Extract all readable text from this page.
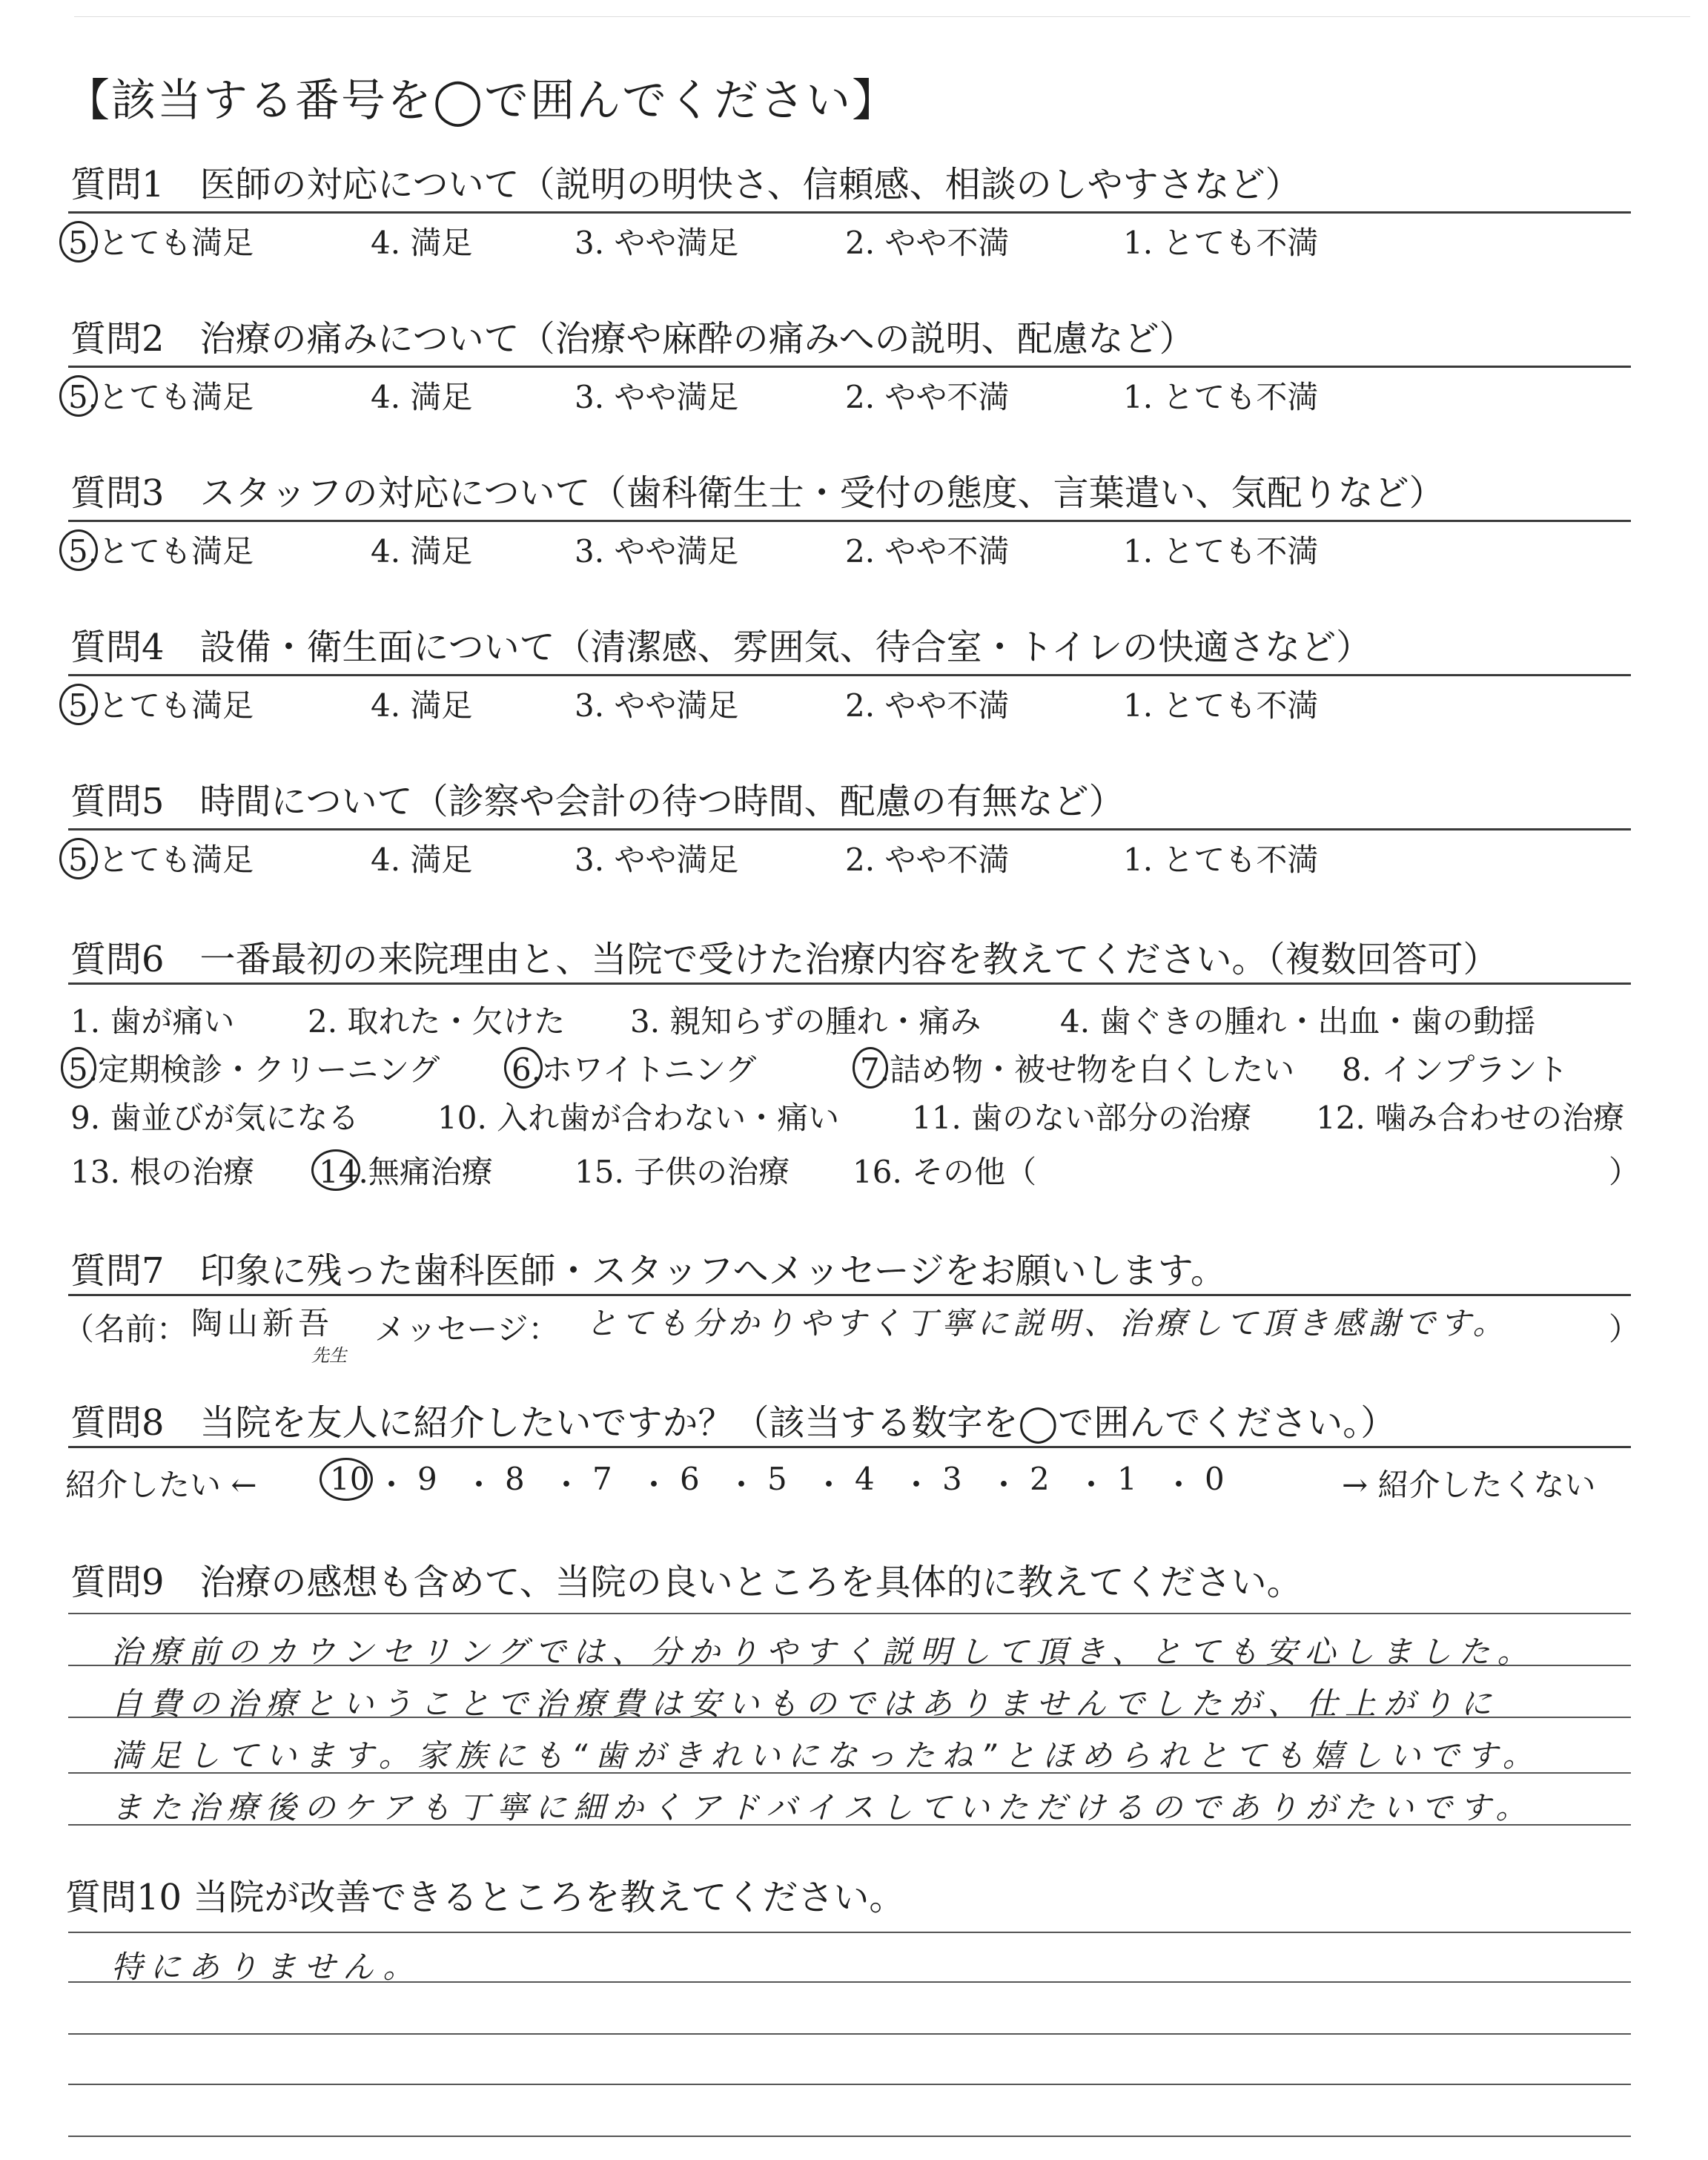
【該当する番号を◯で囲んでください】
質問6　一番最初の来院理由と、当院で受けた治療内容を教えてください。（複数回答可）
）
質問7　印象に残った歯科医師・スタッフへメッセージをお願いします。
（名前： 陶山新吾
先生
メッセージ： とても分かりやすく丁寧に説明、治療して頂き感謝です。	）
質問8　当院を友人に紹介したいですか？（該当する数字を◯で囲んでください。）
紹介したい ←	→ 紹介したくない
質問9　治療の感想も含めて、当院の良いところを具体的に教えてください。
質問10 当院が改善できるところを教えてください。
質問1　医師の対応について（説明の明快さ、信頼感、相談のしやすさなど）
5.とても満足	4. 満足	3. やや満足	2. やや不満	1. とても不満
質問2　治療の痛みについて（治療や麻酔の痛みへの説明、配慮など）
5.とても満足	4. 満足	3. やや満足	2. やや不満	1. とても不満
質問3　スタッフの対応について（歯科衛生士・受付の態度、言葉遣い、気配りなど）
5.とても満足	4. 満足	3. やや満足	2. やや不満	1. とても不満
質問4　設備・衛生面について（清潔感、雰囲気、待合室・トイレの快適さなど）
5.とても満足	4. 満足	3. やや満足	2. やや不満	1. とても不満
質問5　時間について（診察や会計の待つ時間、配慮の有無など）
5.とても満足	4. 満足	3. やや満足	2. やや不満	1. とても不満
1. 歯が痛い 2. 取れた・欠けた 3. 親知らずの腫れ・痛み	4. 歯ぐきの腫れ・出血・歯の動揺
5.定期検診・クリーニング 6.ホワイトニング	7.詰め物・被せ物を白くしたい 8. インプラント
9. 歯並びが気になる	10. 入れ歯が合わない・痛い 11. 歯のない部分の治療 12. 噛み合わせの治療
13. 根の治療 14.無痛治療	15. 子供の治療 16. その他（
10 ・ 9 ・ 8 ・ 7 ・ 6 ・ 5 ・ 4 ・ 3 ・ 2 ・ 1 ・ 0
治療前のカウンセリングでは、分かりやすく説明して頂き、とても安心しました。
自費の治療ということで治療費は安いものではありませんでしたが、仕上がりに
満足しています。家族にも“歯がきれいになったね”とほめられとても嬉しいです。
また治療後のケアも丁寧に細かくアドバイスしていただけるのでありがたいです。
特にありません。
